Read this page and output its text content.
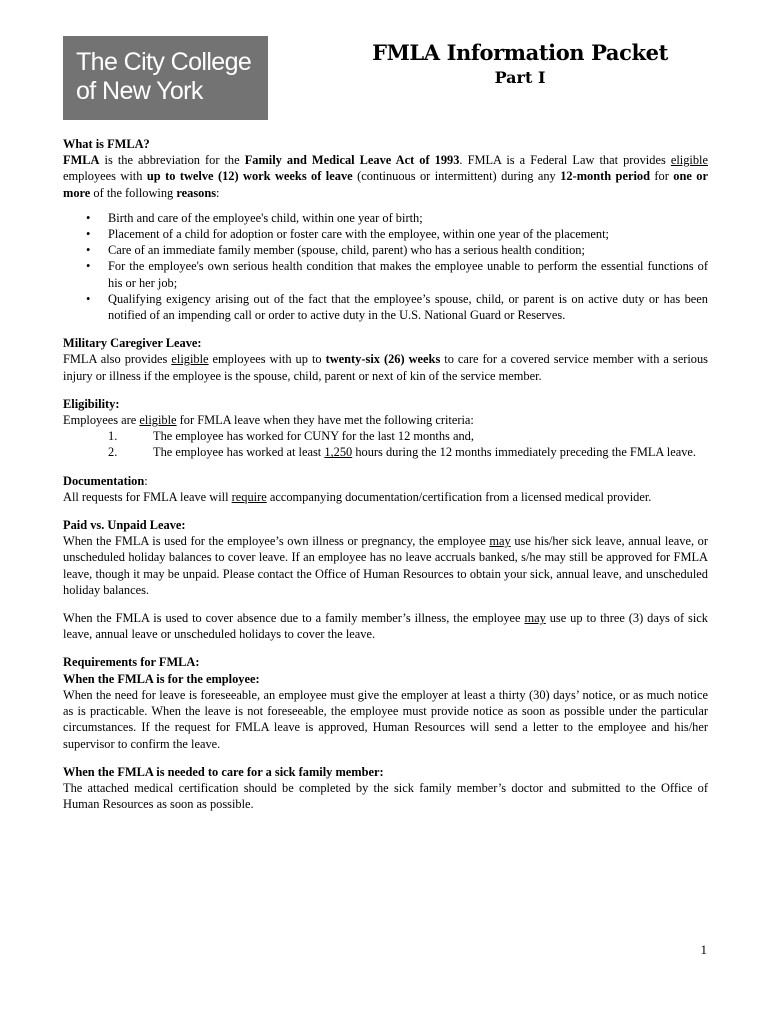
The City College
of New York
FMLA Information Packet
Part I

What is FMLA?

FMLA is the abbreviation for the Family and Medical Leave Act of 1993. FMLA is a Federal Law that provides eligible employees with up to twelve (12) work weeks of leave (continuous or intermittent) during any 12-month period for one or more of the following reasons:

• Birth and care of the employee's child, within one year of birth;
• Placement of a child for adoption or foster care with the employee, within one year of the placement;
• Care of an immediate family member (spouse, child, parent) who has a serious health condition;
• For the employee's own serious health condition that makes the employee unable to perform the essential functions of his or her job;
• Qualifying exigency arising out of the fact that the employee’s spouse, child, or parent is on active duty or has been notified of an impending call or order to active duty in the U.S. National Guard or Reserves.

Military Caregiver Leave:

FMLA also provides eligible employees with up to twenty-six (26) weeks to care for a covered service member with a serious injury or illness if the employee is the spouse, child, parent or next of kin of the service member.

Eligibility:

Employees are eligible for FMLA leave when they have met the following criteria:

1.	The employee has worked for CUNY for the last 12 months and,
2.	The employee has worked at least 1,250 hours during the 12 months immediately preceding the FMLA leave.

Documentation:

All requests for FMLA leave will require accompanying documentation/certification from a licensed medical provider.

Paid vs. Unpaid Leave:

When the FMLA is used for the employee’s own illness or pregnancy, the employee may use his/her sick leave, annual leave, or unscheduled holiday balances to cover leave. If an employee has no leave accruals banked, s/he may still be approved for FMLA leave, though it may be unpaid. Please contact the Office of Human Resources to obtain your sick, annual leave, and unscheduled holiday balances.

When the FMLA is used to cover absence due to a family member’s illness, the employee may use up to three (3) days of sick leave, annual leave or unscheduled holidays to cover the leave.

Requirements for FMLA:

When the FMLA is for the employee:

When the need for leave is foreseeable, an employee must give the employer at least a thirty (30) days’ notice, or as much notice as is practicable. When the leave is not foreseeable, the employee must provide notice as soon as possible under the particular circumstances. If the request for FMLA leave is approved, Human Resources will send a letter to the employee and his/her supervisor to confirm the leave.

When the FMLA is needed to care for a sick family member:

The attached medical certification should be completed by the sick family member’s doctor and submitted to the Office of Human Resources as soon as possible.

1
